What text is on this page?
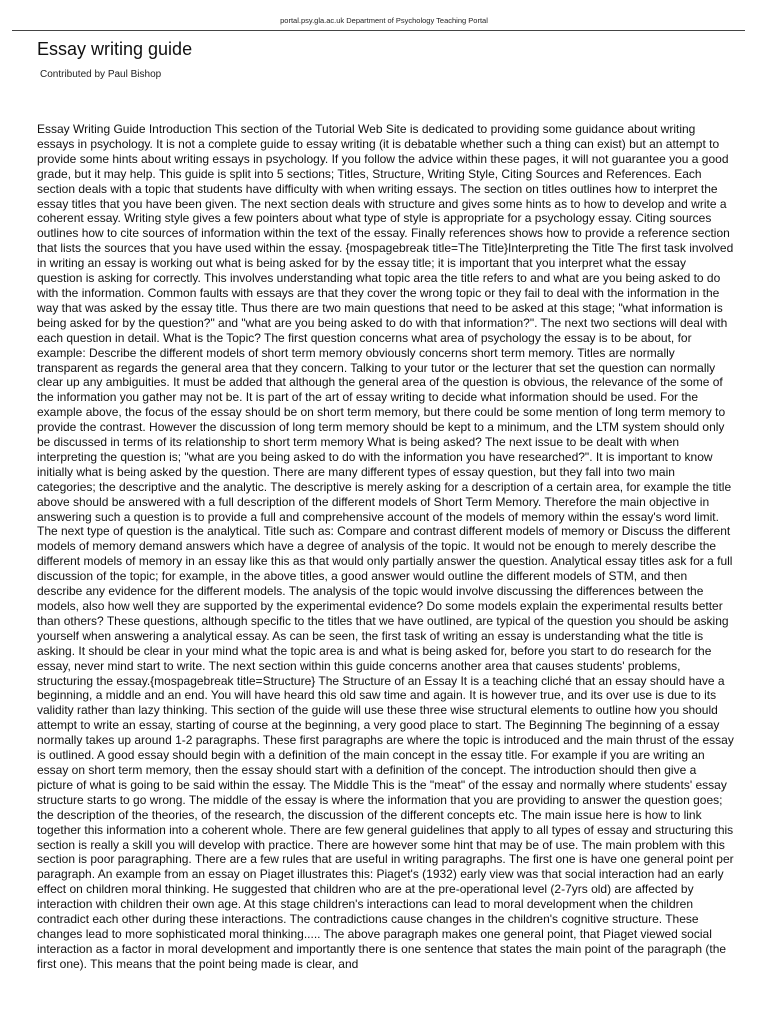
portal.psy.gla.ac.uk Department of Psychology Teaching Portal
Essay writing guide
Contributed by Paul Bishop

Essay Writing Guide Introduction This section of the Tutorial Web Site is dedicated to providing some guidance about writing essays in psychology. It is not a complete guide to essay writing (it is debatable whether such a thing can exist) but an attempt to provide some hints about writing essays in psychology. If you follow the advice within these pages, it will not guarantee you a good grade, but it may help. This guide is split into 5 sections; Titles, Structure, Writing Style, Citing Sources and References. Each section deals with a topic that students have difficulty with when writing essays. The section on titles outlines how to interpret the essay titles that you have been given. The next section deals with structure and gives some hints as to how to develop and write a coherent essay. Writing style gives a few pointers about what type of style is appropriate for a psychology essay. Citing sources outlines how to cite sources of information within the text of the essay. Finally references shows how to provide a reference section that lists the sources that you have used within the essay. {mospagebreak title=The Title}Interpreting the Title The first task involved in writing an essay is working out what is being asked for by the essay title; it is important that you interpret what the essay question is asking for correctly. This involves understanding what topic area the title refers to and what are you being asked to do with the information. Common faults with essays are that they cover the wrong topic or they fail to deal with the information in the way that was asked by the essay title. Thus there are two main questions that need to be asked at this stage; "what information is being asked for by the question?" and "what are you being asked to do with that information?". The next two sections will deal with each question in detail. What is the Topic? The first question concerns what area of psychology the essay is to be about, for example: Describe the different models of short term memory obviously concerns short term memory. Titles are normally transparent as regards the general area that they concern. Talking to your tutor or the lecturer that set the question can normally clear up any ambiguities. It must be added that although the general area of the question is obvious, the relevance of the some of the information you gather may not be. It is part of the art of essay writing to decide what information should be used. For the example above, the focus of the essay should be on short term memory, but there could be some mention of long term memory to provide the contrast. However the discussion of long term memory should be kept to a minimum, and the LTM system should only be discussed in terms of its relationship to short term memory What is being asked? The next issue to be dealt with when interpreting the question is; "what are you being asked to do with the information you have researched?". It is important to know initially what is being asked by the question. There are many different types of essay question, but they fall into two main categories; the descriptive and the analytic. The descriptive is merely asking for a description of a certain area, for example the title above should be answered with a full description of the different models of Short Term Memory. Therefore the main objective in answering such a question is to provide a full and comprehensive account of the models of memory within the essay's word limit. The next type of question is the analytical. Title such as: Compare and contrast different models of memory or Discuss the different models of memory demand answers which have a degree of analysis of the topic. It would not be enough to merely describe the different models of memory in an essay like this as that would only partially answer the question. Analytical essay titles ask for a full discussion of the topic; for example, in the above titles, a good answer would outline the different models of STM, and then describe any evidence for the different models. The analysis of the topic would involve discussing the differences between the models, also how well they are supported by the experimental evidence? Do some models explain the experimental results better than others? These questions, although specific to the titles that we have outlined, are typical of the question you should be asking yourself when answering a analytical essay. As can be seen, the first task of writing an essay is understanding what the title is asking. It should be clear in your mind what the topic area is and what is being asked for, before you start to do research for the essay, never mind start to write. The next section within this guide concerns another area that causes students' problems, structuring the essay.{mospagebreak title=Structure} The Structure of an Essay It is a teaching cliché that an essay should have a beginning, a middle and an end. You will have heard this old saw time and again. It is however true, and its over use is due to its validity rather than lazy thinking. This section of the guide will use these three wise structural elements to outline how you should attempt to write an essay, starting of course at the beginning, a very good place to start. The Beginning The beginning of a essay normally takes up around 1-2 paragraphs. These first paragraphs are where the topic is introduced and the main thrust of the essay is outlined. A good essay should begin with a definition of the main concept in the essay title. For example if you are writing an essay on short term memory, then the essay should start with a definition of the concept. The introduction should then give a picture of what is going to be said within the essay. The Middle This is the "meat" of the essay and normally where students' essay structure starts to go wrong. The middle of the essay is where the information that you are providing to answer the question goes; the description of the theories, of the research, the discussion of the different concepts etc. The main issue here is how to link together this information into a coherent whole. There are few general guidelines that apply to all types of essay and structuring this section is really a skill you will develop with practice. There are however some hint that may be of use. The main problem with this section is poor paragraphing. There are a few rules that are useful in writing paragraphs. The first one is have one general point per paragraph. An example from an essay on Piaget illustrates this: Piaget's (1932) early view was that social interaction had an early effect on children moral thinking. He suggested that children who are at the pre-operational level (2-7yrs old) are affected by interaction with children their own age. At this stage children's interactions can lead to moral development when the children contradict each other during these interactions. The contradictions cause changes in the children's cognitive structure. These changes lead to more sophisticated moral thinking..... The above paragraph makes one general point, that Piaget viewed social interaction as a factor in moral development and importantly there is one sentence that states the main point of the paragraph (the first one). This means that the point being made is clear, and
